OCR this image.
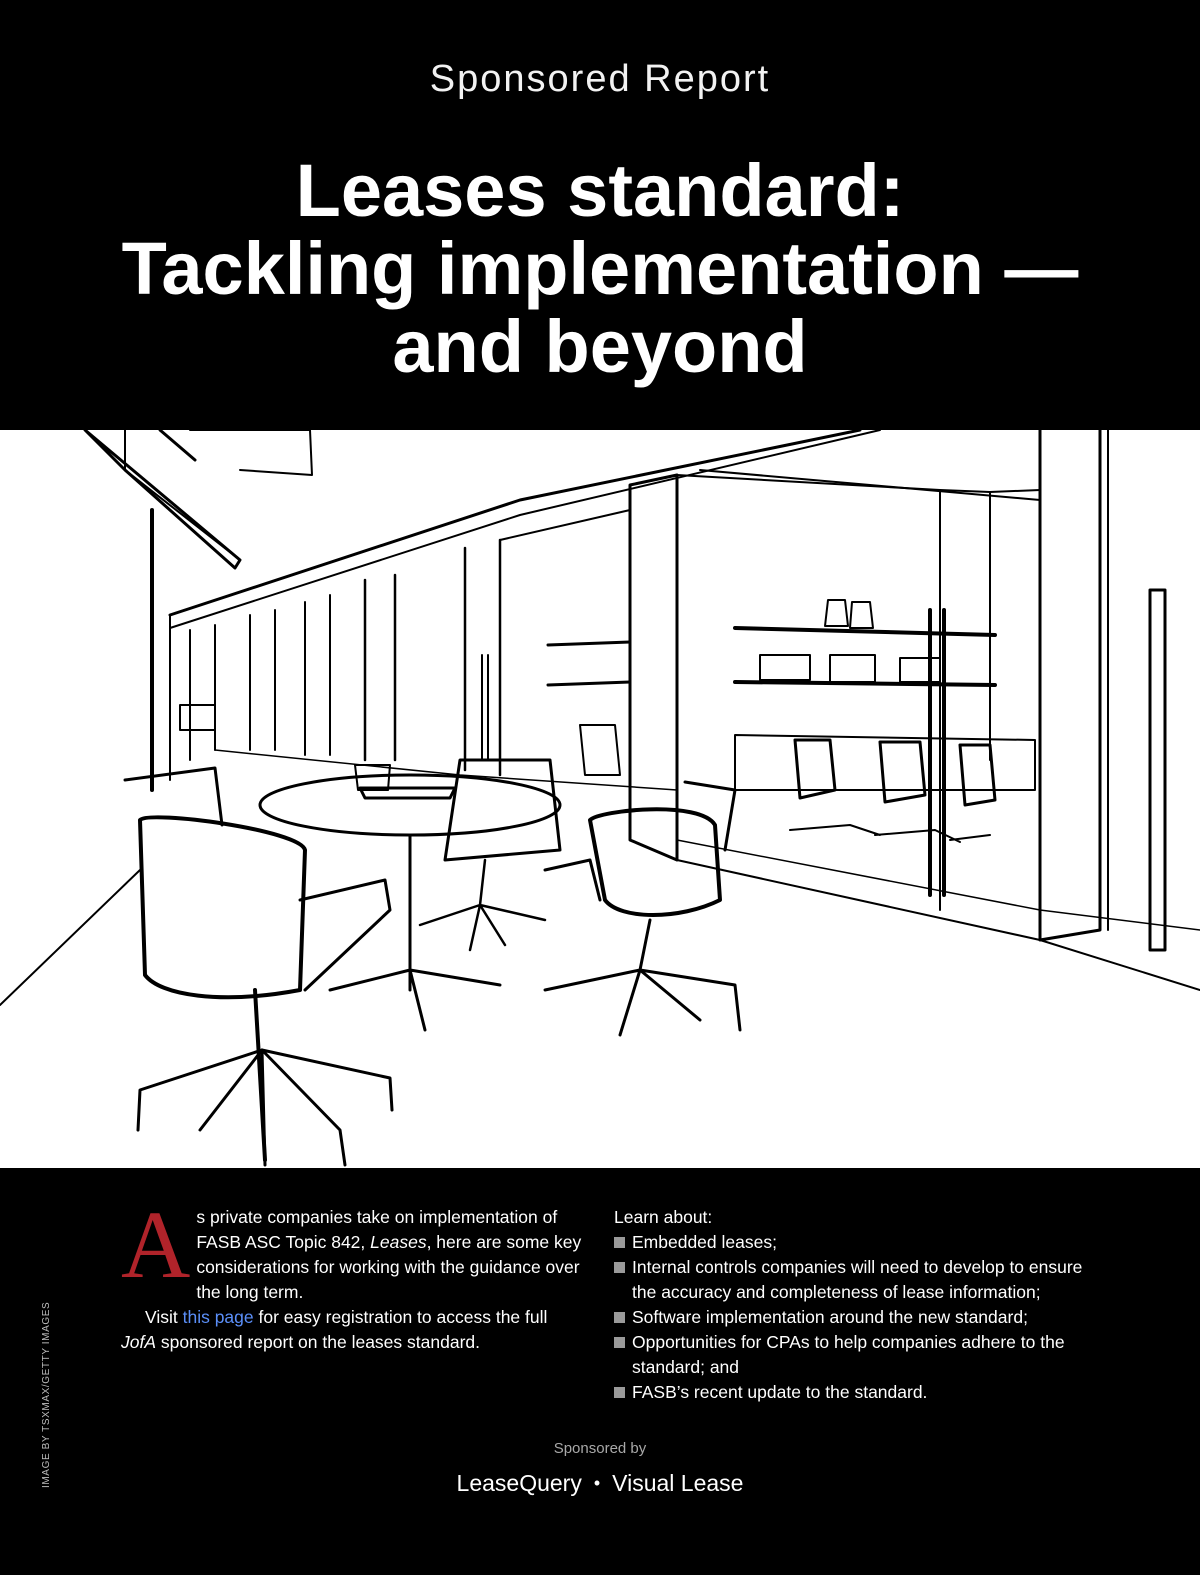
Sponsored Report
Leases standard:
Tackling implementation —
and beyond
IMAGE BY TSXMAX/GETTY IMAGES

As private companies take on implementation of FASB ASC Topic 842, Leases, here are some key considerations for working with the guidance over the long term.

Visit this page for easy registration to access the full JofA sponsored report on the leases standard.

Learn about:
Embedded leases;
Internal controls companies will need to develop to ensure the accuracy and completeness of lease information;
Software implementation around the new standard;
Opportunities for CPAs to help companies adhere to the standard; and
FASB’s recent update to the standard.
Sponsored by
LeaseQuery • Visual Lease
